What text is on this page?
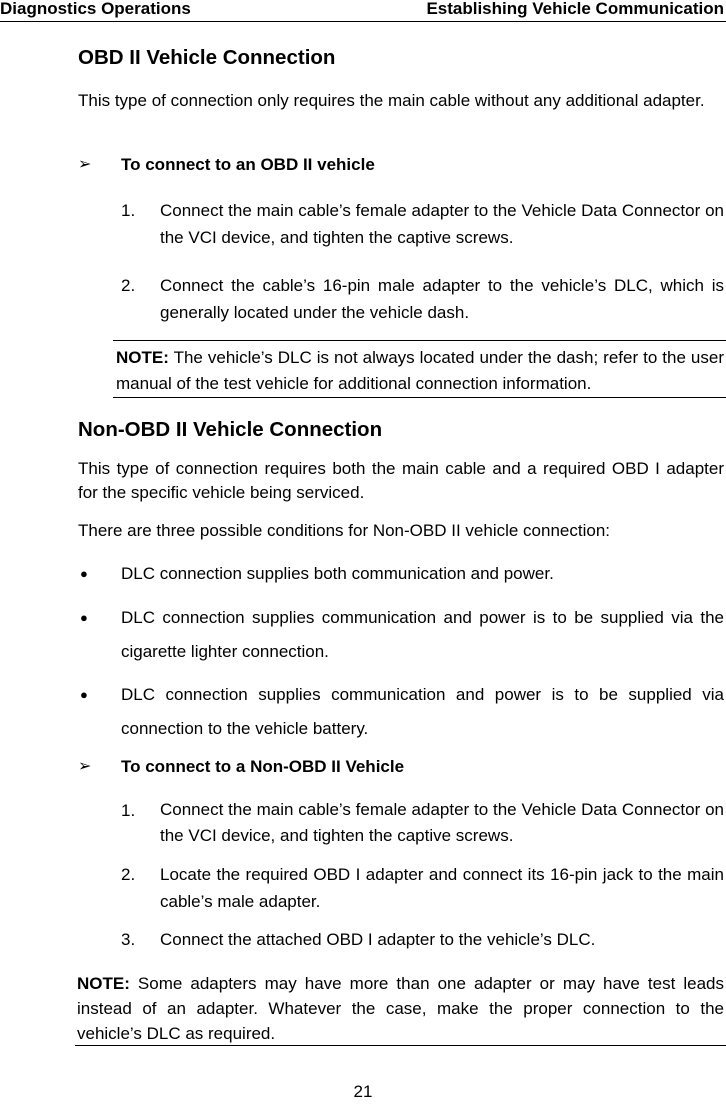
Diagnostics Operations	Establishing Vehicle Communication
OBD II Vehicle Connection
This type of connection only requires the main cable without any additional adapter.
➢ To connect to an OBD II vehicle
1. Connect the main cable’s female adapter to the Vehicle Data Connector on the VCI device, and tighten the captive screws.
2. Connect the cable’s 16-pin male adapter to the vehicle’s DLC, which is generally located under the vehicle dash.
NOTE: The vehicle’s DLC is not always located under the dash; refer to the user manual of the test vehicle for additional connection information.
Non-OBD II Vehicle Connection
This type of connection requires both the main cable and a required OBD I adapter for the specific vehicle being serviced.
There are three possible conditions for Non-OBD II vehicle connection:
● DLC connection supplies both communication and power.
● DLC connection supplies communication and power is to be supplied via the cigarette lighter connection.
● DLC connection supplies communication and power is to be supplied via connection to the vehicle battery.
➢ To connect to a Non-OBD II Vehicle
1. Connect the main cable’s female adapter to the Vehicle Data Connector on the VCI device, and tighten the captive screws.
2. Locate the required OBD I adapter and connect its 16-pin jack to the main cable’s male adapter.
3. Connect the attached OBD I adapter to the vehicle’s DLC.
NOTE: Some adapters may have more than one adapter or may have test leads instead of an adapter. Whatever the case, make the proper connection to the vehicle’s DLC as required.
21
